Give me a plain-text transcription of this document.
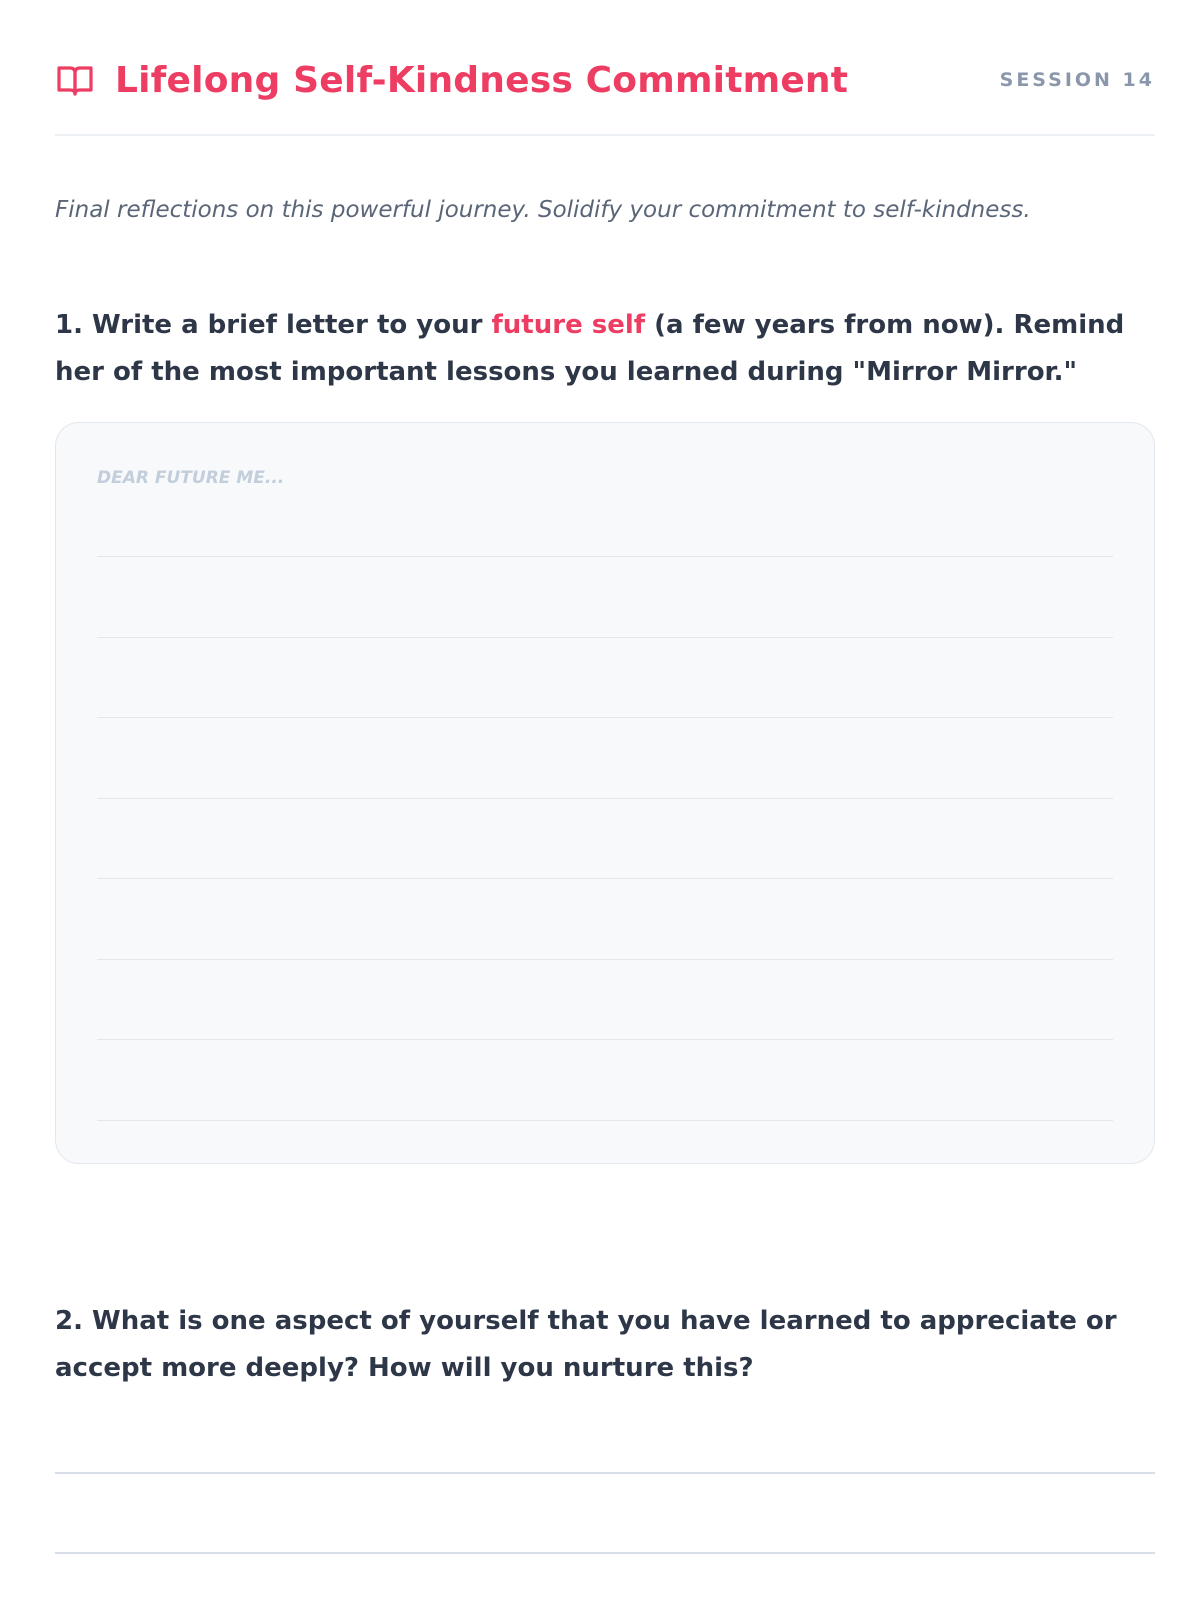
Lifelong Self-Kindness Commitment	SESSION 14

Final reflections on this powerful journey. Solidify your commitment to self-kindness.

1. Write a brief letter to your future self (a few years from now). Remind her of the most important lessons you learned during "Mirror Mirror."

DEAR FUTURE ME...

2. What is one aspect of yourself that you have learned to appreciate or accept more deeply? How will you nurture this?
